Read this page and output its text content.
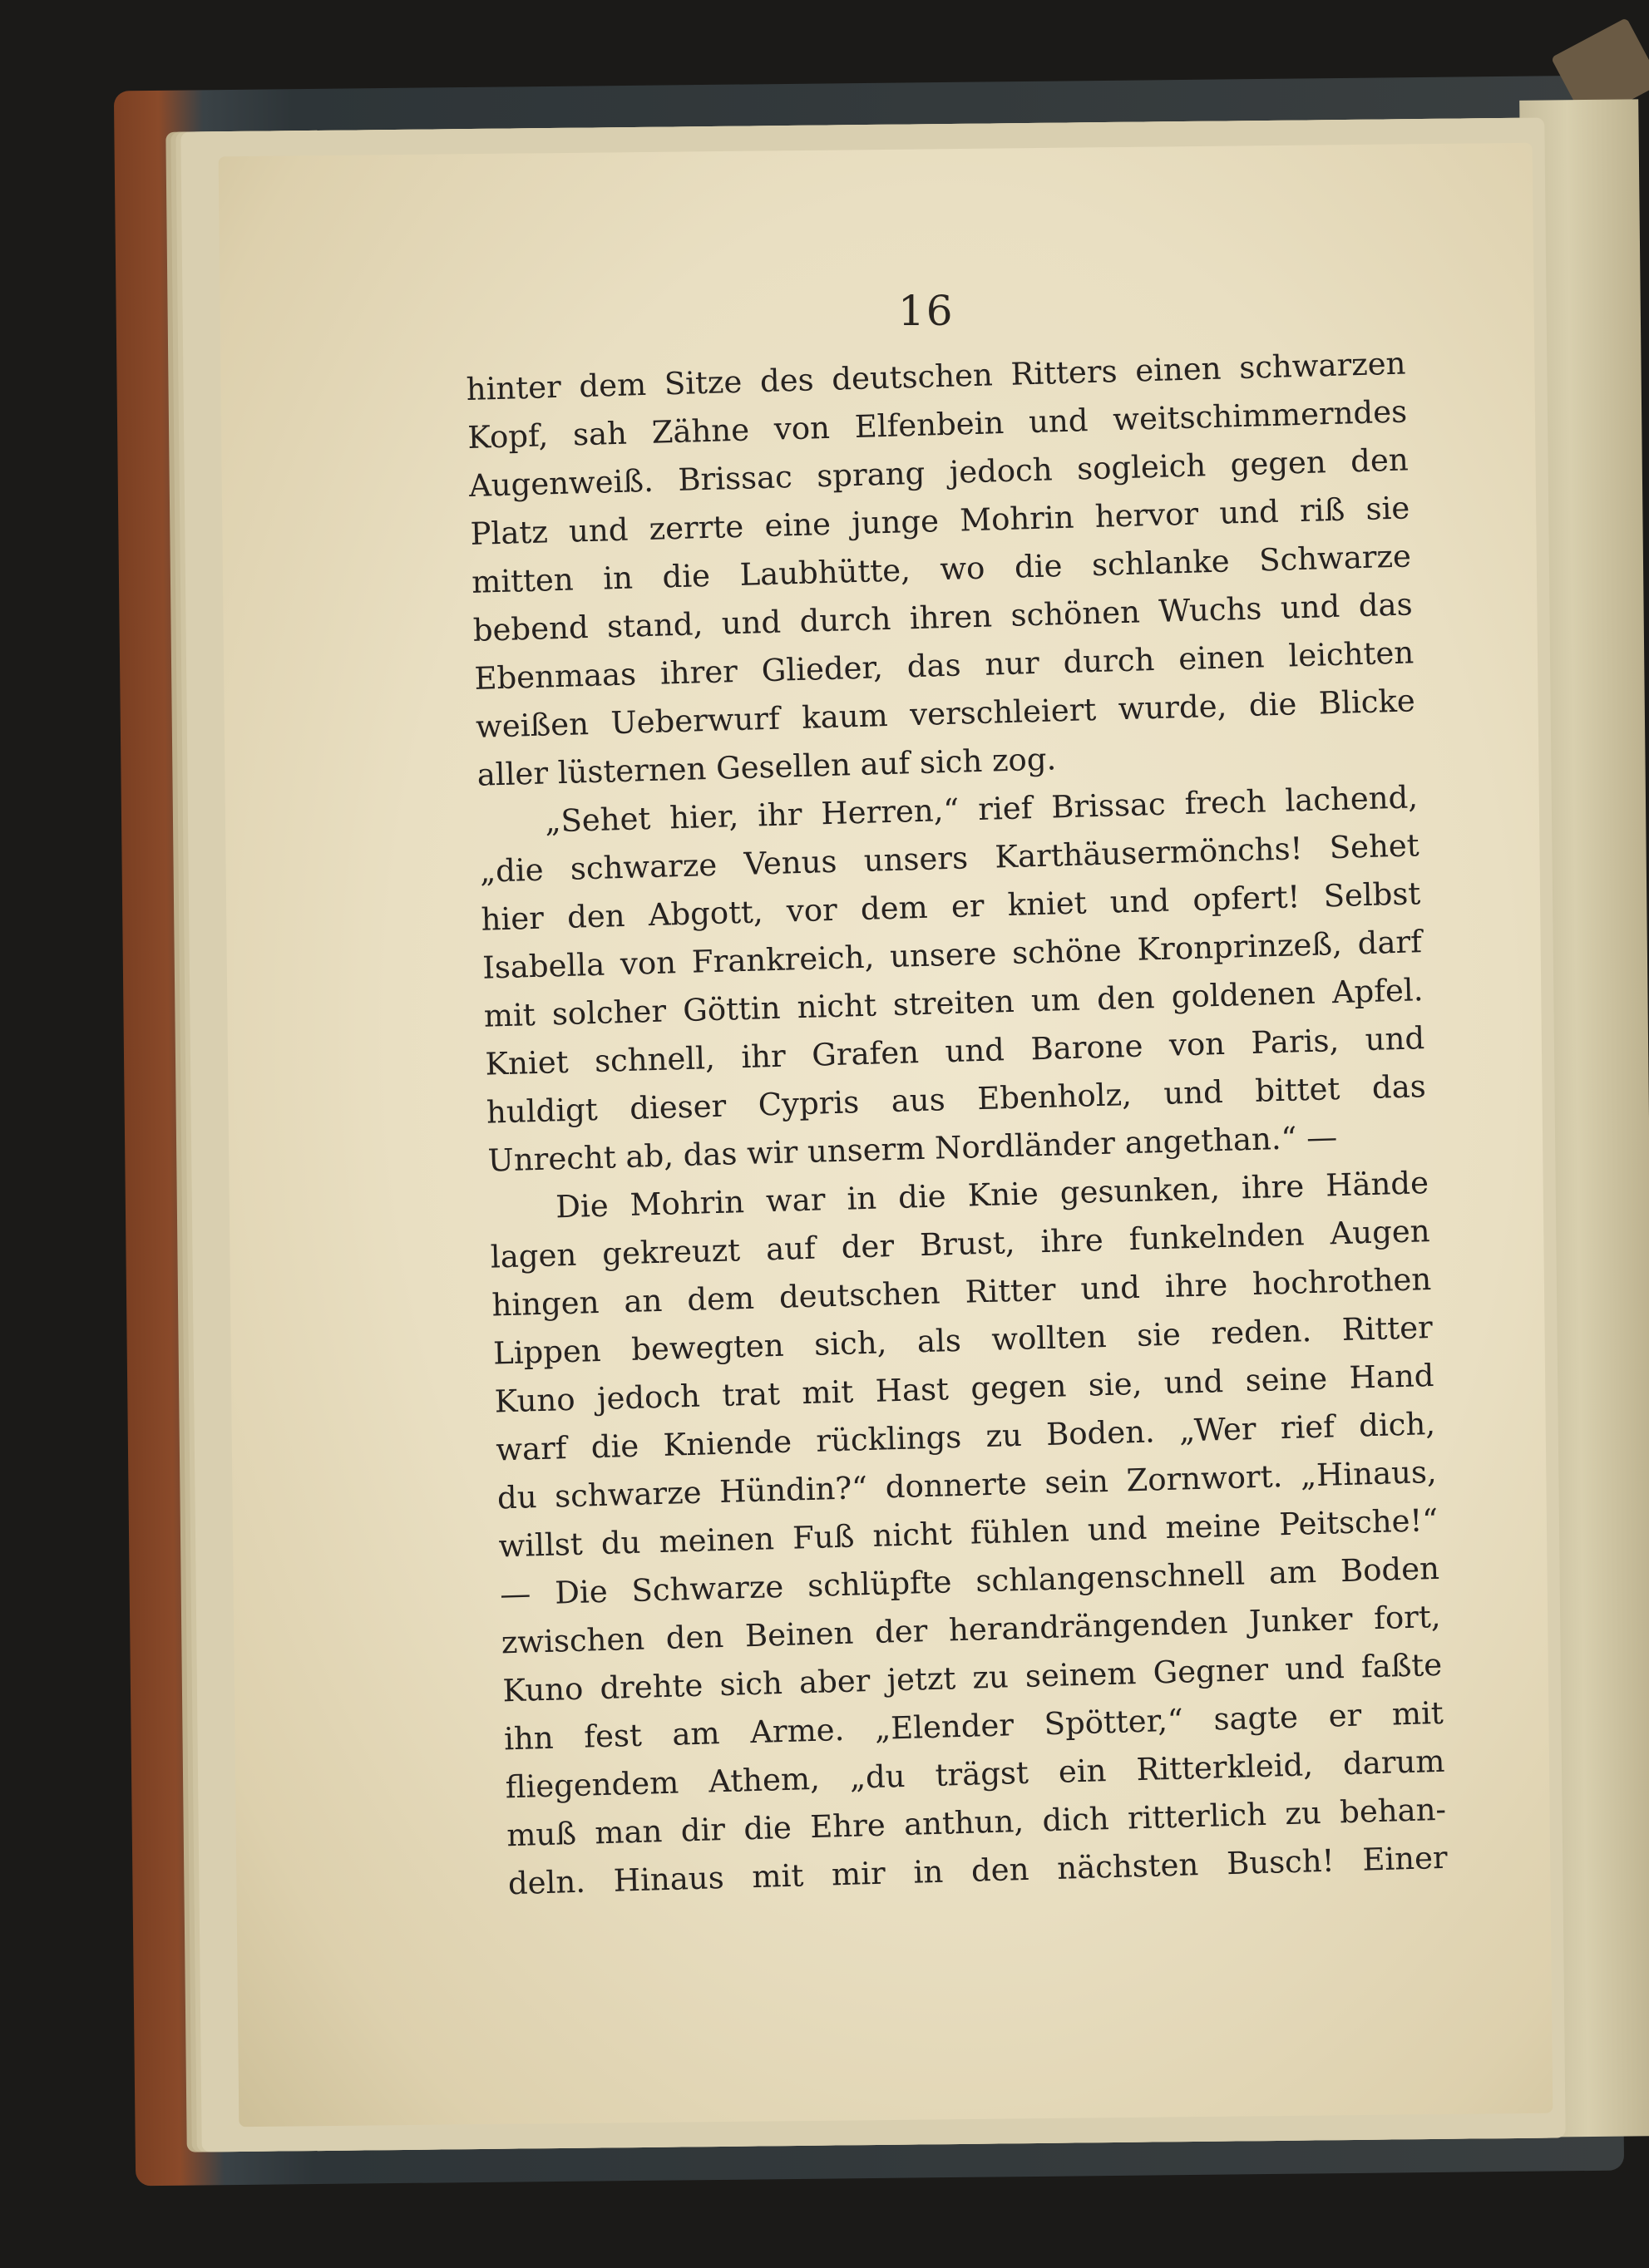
16
hinter dem Sitze des deutschen Ritters einen schwarzen
Kopf, sah Zähne von Elfenbein und weitschimmerndes
Augenweiß. Brissac sprang jedoch sogleich gegen den
Platz und zerrte eine junge Mohrin hervor und riß sie
mitten in die Laubhütte, wo die schlanke Schwarze
bebend stand, und durch ihren schönen Wuchs und das
Ebenmaas ihrer Glieder, das nur durch einen leichten
weißen Ueberwurf kaum verschleiert wurde, die Blicke
aller lüsternen Gesellen auf sich zog.
„Sehet hier, ihr Herren,“ rief Brissac frech lachend,
„die schwarze Venus unsers Karthäusermönchs! Sehet
hier den Abgott, vor dem er kniet und opfert! Selbst
Isabella von Frankreich, unsere schöne Kronprinzeß, darf
mit solcher Göttin nicht streiten um den goldenen Apfel.
Kniet schnell, ihr Grafen und Barone von Paris, und
huldigt dieser Cypris aus Ebenholz, und bittet das
Unrecht ab, das wir unserm Nordländer angethan.“ —
Die Mohrin war in die Knie gesunken, ihre Hände
lagen gekreuzt auf der Brust, ihre funkelnden Augen
hingen an dem deutschen Ritter und ihre hochrothen
Lippen bewegten sich, als wollten sie reden. Ritter
Kuno jedoch trat mit Hast gegen sie, und seine Hand
warf die Kniende rücklings zu Boden. „Wer rief dich,
du schwarze Hündin?“ donnerte sein Zornwort. „Hinaus,
willst du meinen Fuß nicht fühlen und meine Peitsche!“
— Die Schwarze schlüpfte schlangenschnell am Boden
zwischen den Beinen der herandrängenden Junker fort,
Kuno drehte sich aber jetzt zu seinem Gegner und faßte
ihn fest am Arme. „Elender Spötter,“ sagte er mit
fliegendem Athem, „du trägst ein Ritterkleid, darum
muß man dir die Ehre anthun, dich ritterlich zu behan-
deln. Hinaus mit mir in den nächsten Busch! Einer
